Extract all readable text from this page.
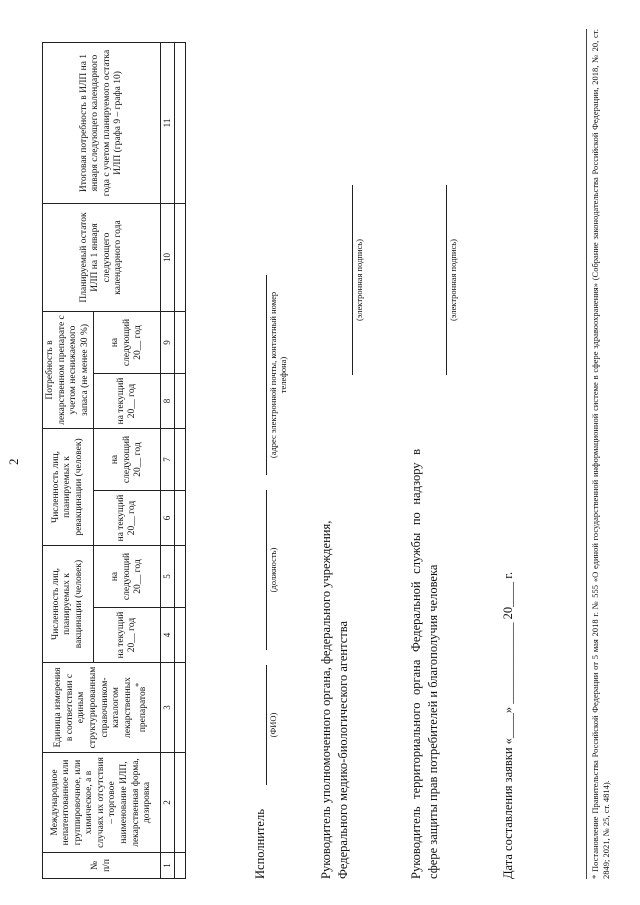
2
№ п/п	Международное непатентованное или группировочное, или химическое, а в случаях их отсутствия – торговое наименование ИЛП, лекарственная форма, дозировка	Единица измерения в соответствии с единым структурированным справочником-каталогом лекарственных препаратов*	Численность лиц, планируемых к вакцинации (человек)		Численность лиц, планируемых к ревакцинации (человек)		Потребность в лекарственном препарате с учетом неснижаемого запаса (не менее 30 %)		Планируемый остаток ИЛП на 1 января следующего календарного года	Итоговая потребность в ИЛП на 1 января следующего календарного года с учетом планируемого остатка ИЛП (графа 9 – графа 10)
			на текущий 20__ год	на следующий 20__ год	на текущий 20__ год	на следующий 20__ год	на текущий 20__ год	на следующий 20__ год		
1	2	3	4	5	6	7	8	9	10	11

Исполнитель
(ФИО)
(должность)
(адрес электронной почты, контактный номер телефона)
Руководитель уполномоченного органа, федерального учреждения, Федерального медико-биологического агентства
(электронная подпись)
Руководитель территориального органа Федеральной службы по надзору в сфере защиты прав потребителей и благополучия человека
(электронная подпись)
Дата составления заявки «____» _____________ 20____ г.	* Постановление Правительства Российской Федерации от 5 мая 2018 г. № 555 «О единой государственной информационной системе в сфере здравоохранения» (Собрание законодательства Российской Федерации, 2018, № 20, ст. 2849; 2021, № 25, ст. 4814).
